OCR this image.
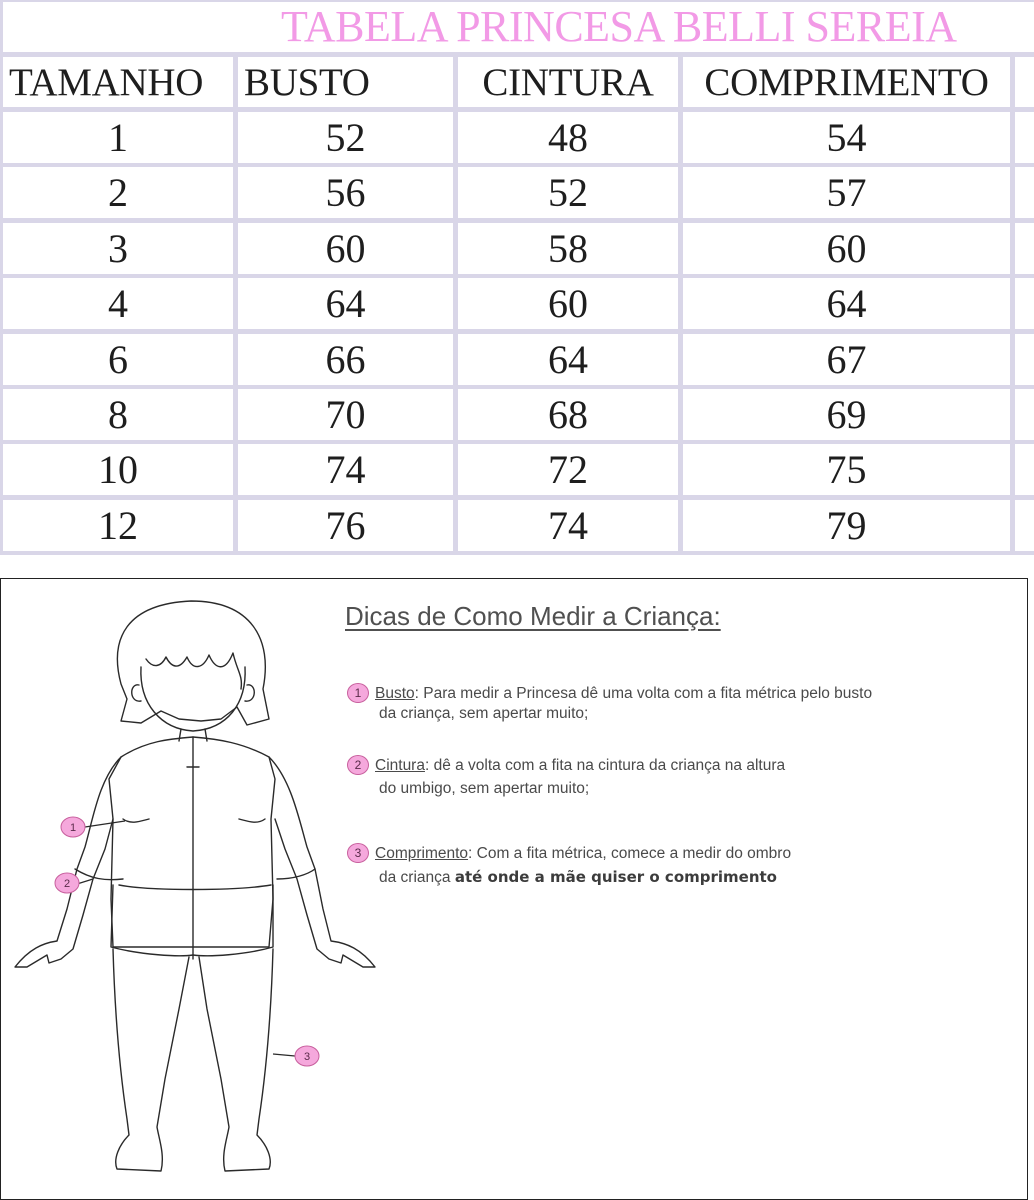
TABELA PRINCESA BELLI SEREIA
TAMANHO	BUSTO	CINTURA	COMPRIMENTO
1	52	48	54
2	56	52	57
3	60	58	60
4	64	60	64
6	66	64	67
8	70	68	69
10	74	72	75
12	76	74	79
1
2
3
Dicas de Como Medir a Criança:
1 Busto: Para medir a Princesa dê uma volta com a fita métrica pelo busto
da criança, sem apertar muito;
2 Cintura: dê a volta com a fita na cintura da criança na altura
do umbigo, sem apertar muito;
3 Comprimento: Com a fita métrica, comece a medir do ombro
da criança até onde a mãe quiser o comprimento
